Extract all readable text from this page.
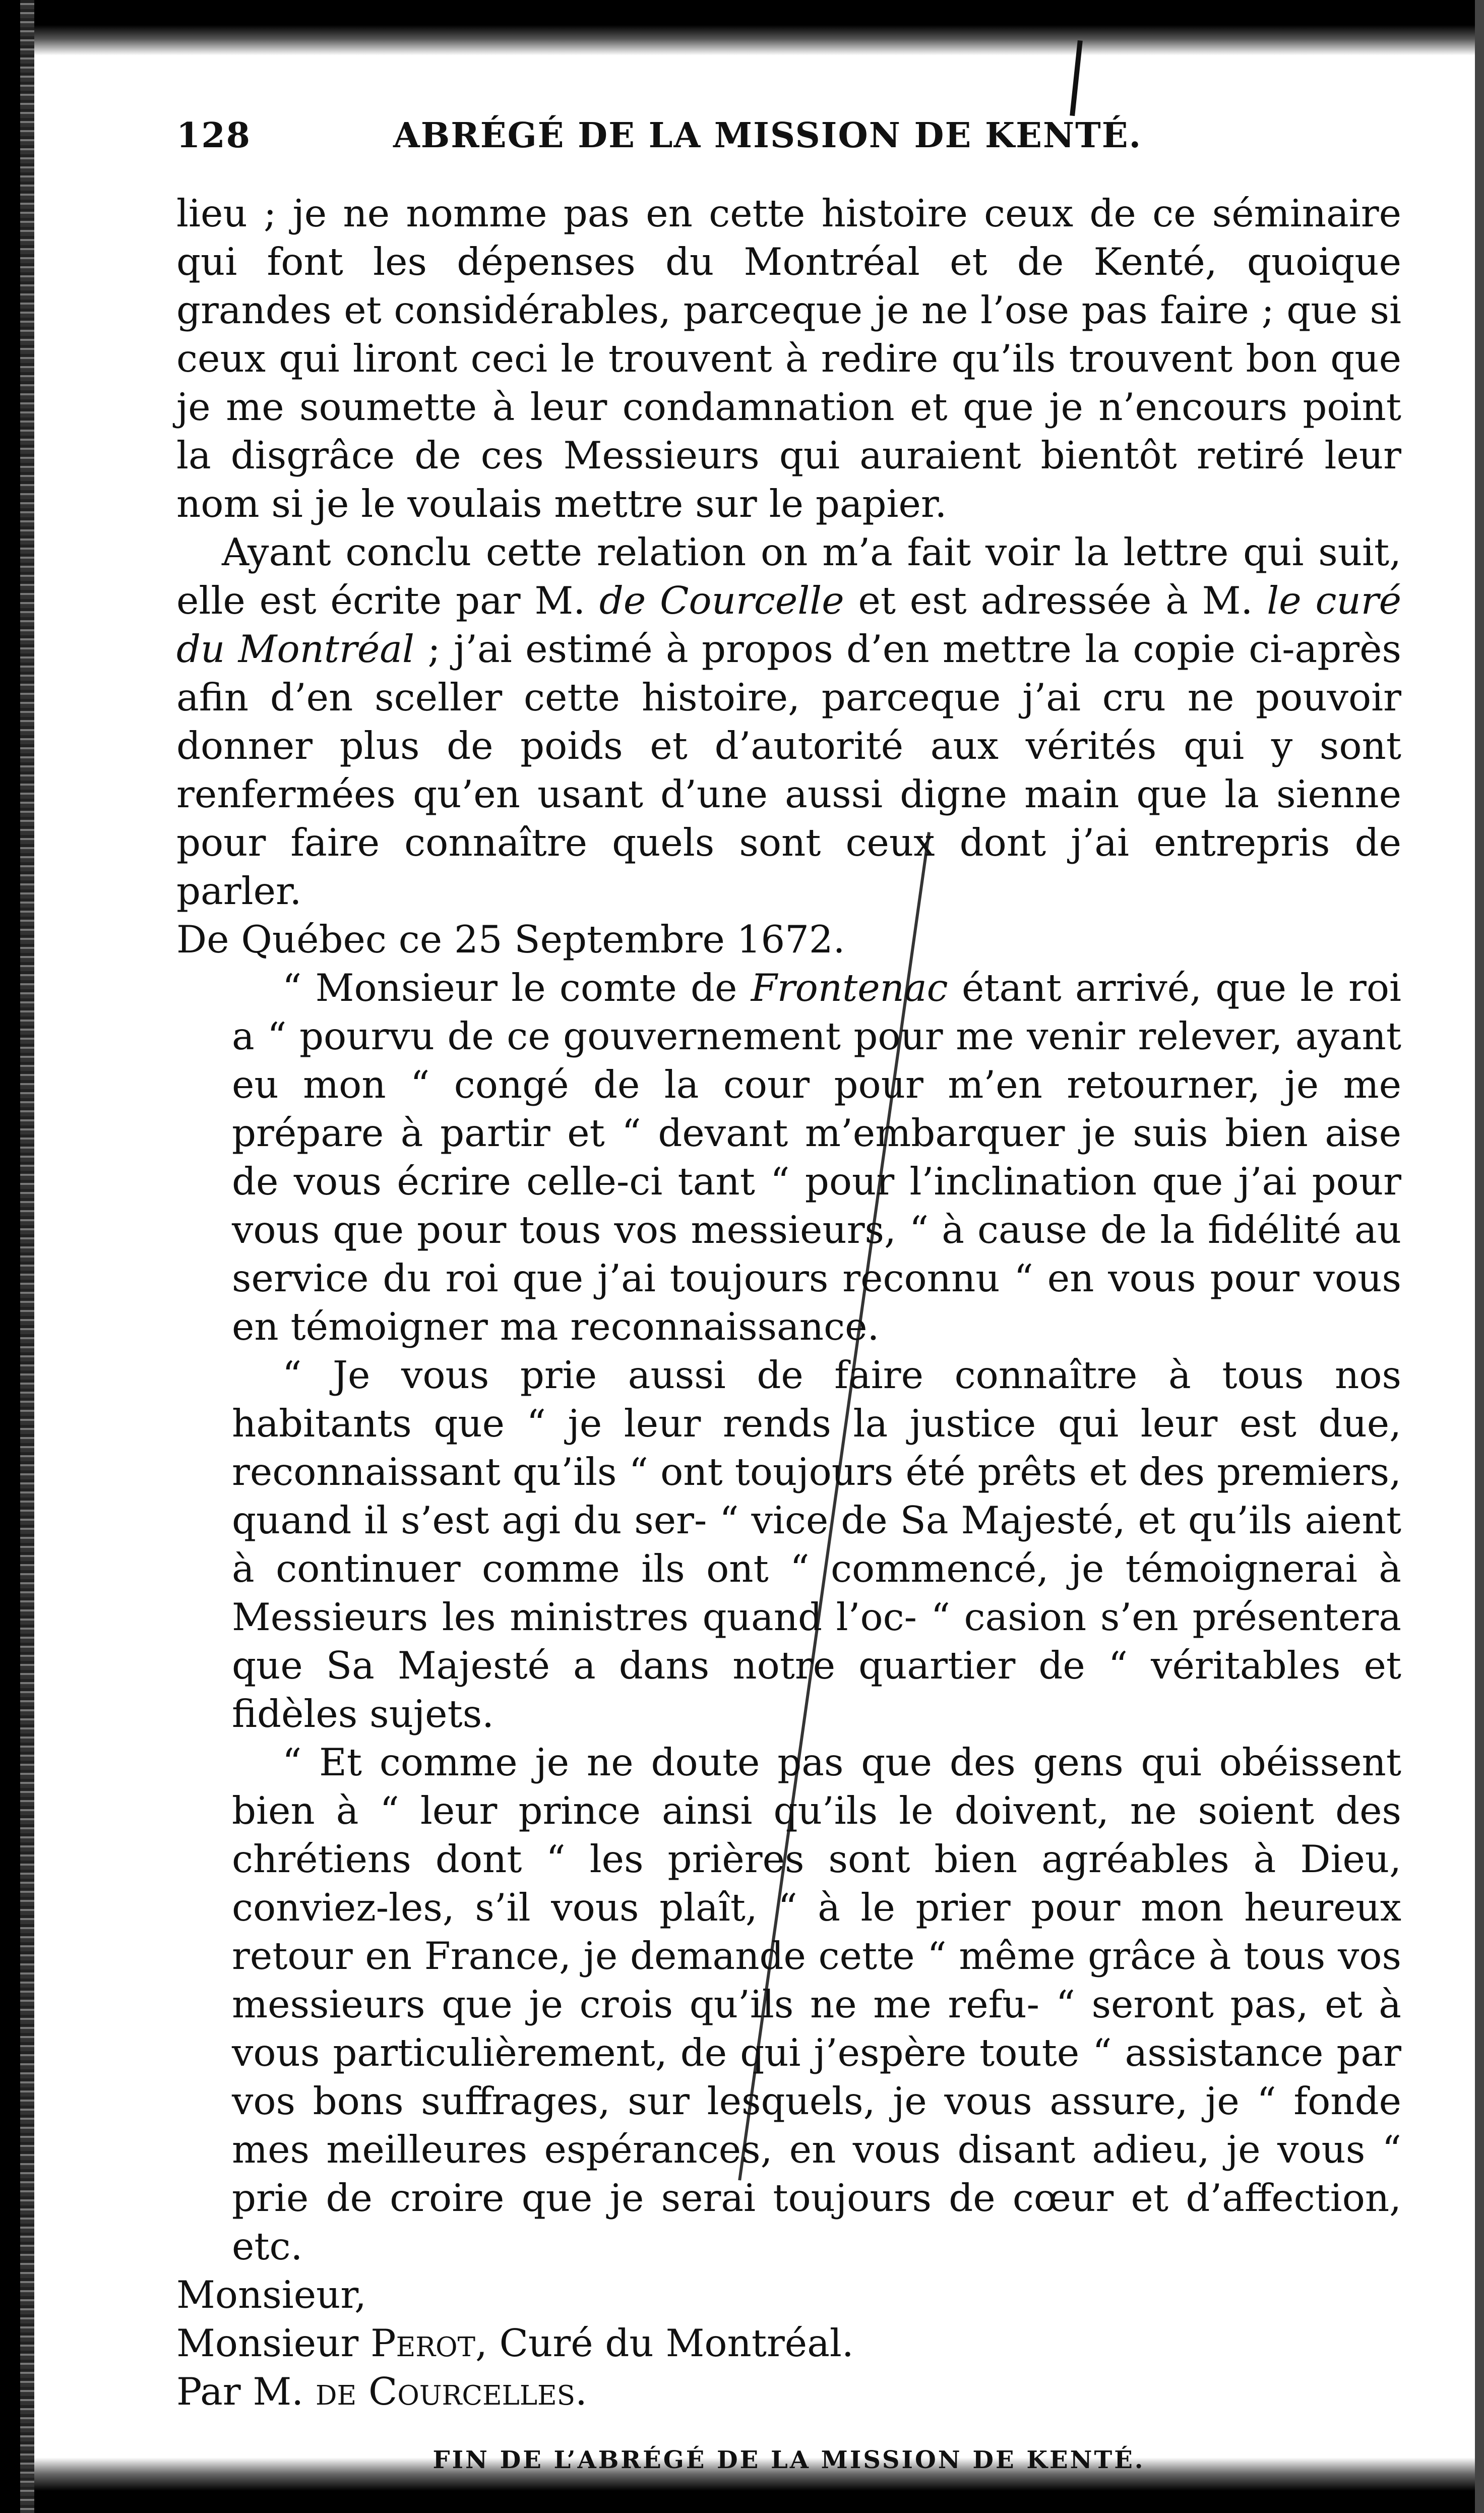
128	ABRÉGÉ DE LA MISSION DE KENTÉ.

lieu ; je ne nomme pas en cette histoire ceux de ce séminaire qui font les dépenses du Montréal et de Kenté, quoique grandes et considérables, parceque je ne l’ose pas faire ; que si ceux qui liront ceci le trouvent à redire qu’ils trouvent bon que je me soumette à leur condamnation et que je n’encours point la disgrâce de ces Messieurs qui auraient bientôt retiré leur nom si je le voulais mettre sur le papier.

Ayant conclu cette relation on m’a fait voir la lettre qui suit, elle est écrite par M. de Courcelle et est adressée à M. le curé du Montréal ; j’ai estimé à propos d’en mettre la copie ci-après afin d’en sceller cette histoire, parceque j’ai cru ne pouvoir donner plus de poids et d’autorité aux vérités qui y sont renfermées qu’en usant d’une aussi digne main que la sienne pour faire connaître quels sont ceux dont j’ai entrepris de parler.

De Québec ce 25 Septembre 1672.

“ Monsieur le comte de Frontenac étant arrivé, que le roi a “ pourvu de ce gouvernement pour me venir relever, ayant eu mon “ congé de la cour pour m’en retourner, je me prépare à partir et “ devant m’embarquer je suis bien aise de vous écrire celle-ci tant “ pour l’inclination que j’ai pour vous que pour tous vos messieurs, “ à cause de la fidélité au service du roi que j’ai toujours reconnu “ en vous pour vous en témoigner ma reconnaissance.

“ Je vous prie aussi de faire connaître à tous nos habitants que “ je leur rends la justice qui leur est due, reconnaissant qu’ils “ ont toujours été prêts et des premiers, quand il s’est agi du ser- “ vice de Sa Majesté, et qu’ils aient à continuer comme ils ont “ commencé, je témoignerai à Messieurs les ministres quand l’oc- “ casion s’en présentera que Sa Majesté a dans notre quartier de “ véritables et fidèles sujets.

“ Et comme je ne doute pas que des gens qui obéissent bien à “ leur prince ainsi qu’ils le doivent, ne soient des chrétiens dont “ les prières sont bien agréables à Dieu, conviez-les, s’il vous plaît, “ à le prier pour mon heureux retour en France, je demande cette “ même grâce à tous vos messieurs que je crois qu’ils ne me refu- “ seront pas, et à vous particulièrement, de qui j’espère toute “ assistance par vos bons suffrages, sur lesquels, je vous assure, je “ fonde mes meilleures espérances, en vous disant adieu, je vous “ prie de croire que je serai toujours de cœur et d’affection, etc.

Monsieur,

Monsieur Perot, Curé du Montréal.

Par M. de Courcelles.

FIN DE L’ABRÉGÉ DE LA MISSION DE KENTÉ.
